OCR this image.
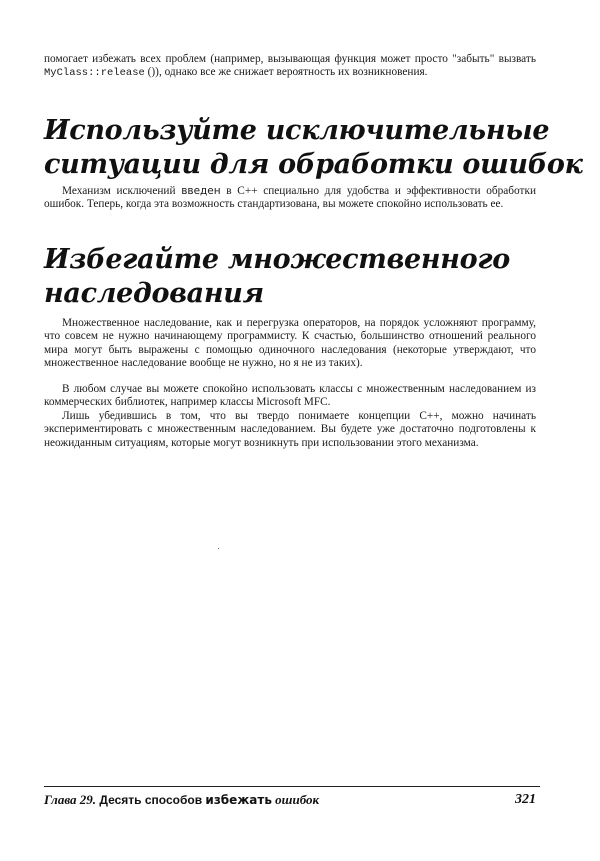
помогает избежать всех проблем (например, вызывающая функция может просто "забыть" вызвать MyClass::release ()), однако все же снижает вероятность их возникновения.

Используйте исключительные
ситуации для обработки ошибок

Механизм исключений введен в C++ специально для удобства и эффективности обработки ошибок. Теперь, когда эта возможность стандартизована, вы можете спокойно использовать ее.

Избегайте множественного
наследования

Множественное наследование, как и перегрузка операторов, на порядок усложняют программу, что совсем не нужно начинающему программисту. К счастью, большинство отношений реального мира могут быть выражены с помощью одиночного наследования (некоторые утверждают, что множественное наследование вообще не нужно, но я не из таких).

В любом случае вы можете спокойно использовать классы с множественным наследованием из коммерческих библиотек, например классы Microsoft MFC.

Лишь убедившись в том, что вы твердо понимаете концепции C++, можно начинать экспериментировать с множественным наследованием. Вы будете уже достаточно подготовлены к неожиданным ситуациям, которые могут возникнуть при использовании этого механизма.

Глава 29. Десять способов избежать ошибок	321
